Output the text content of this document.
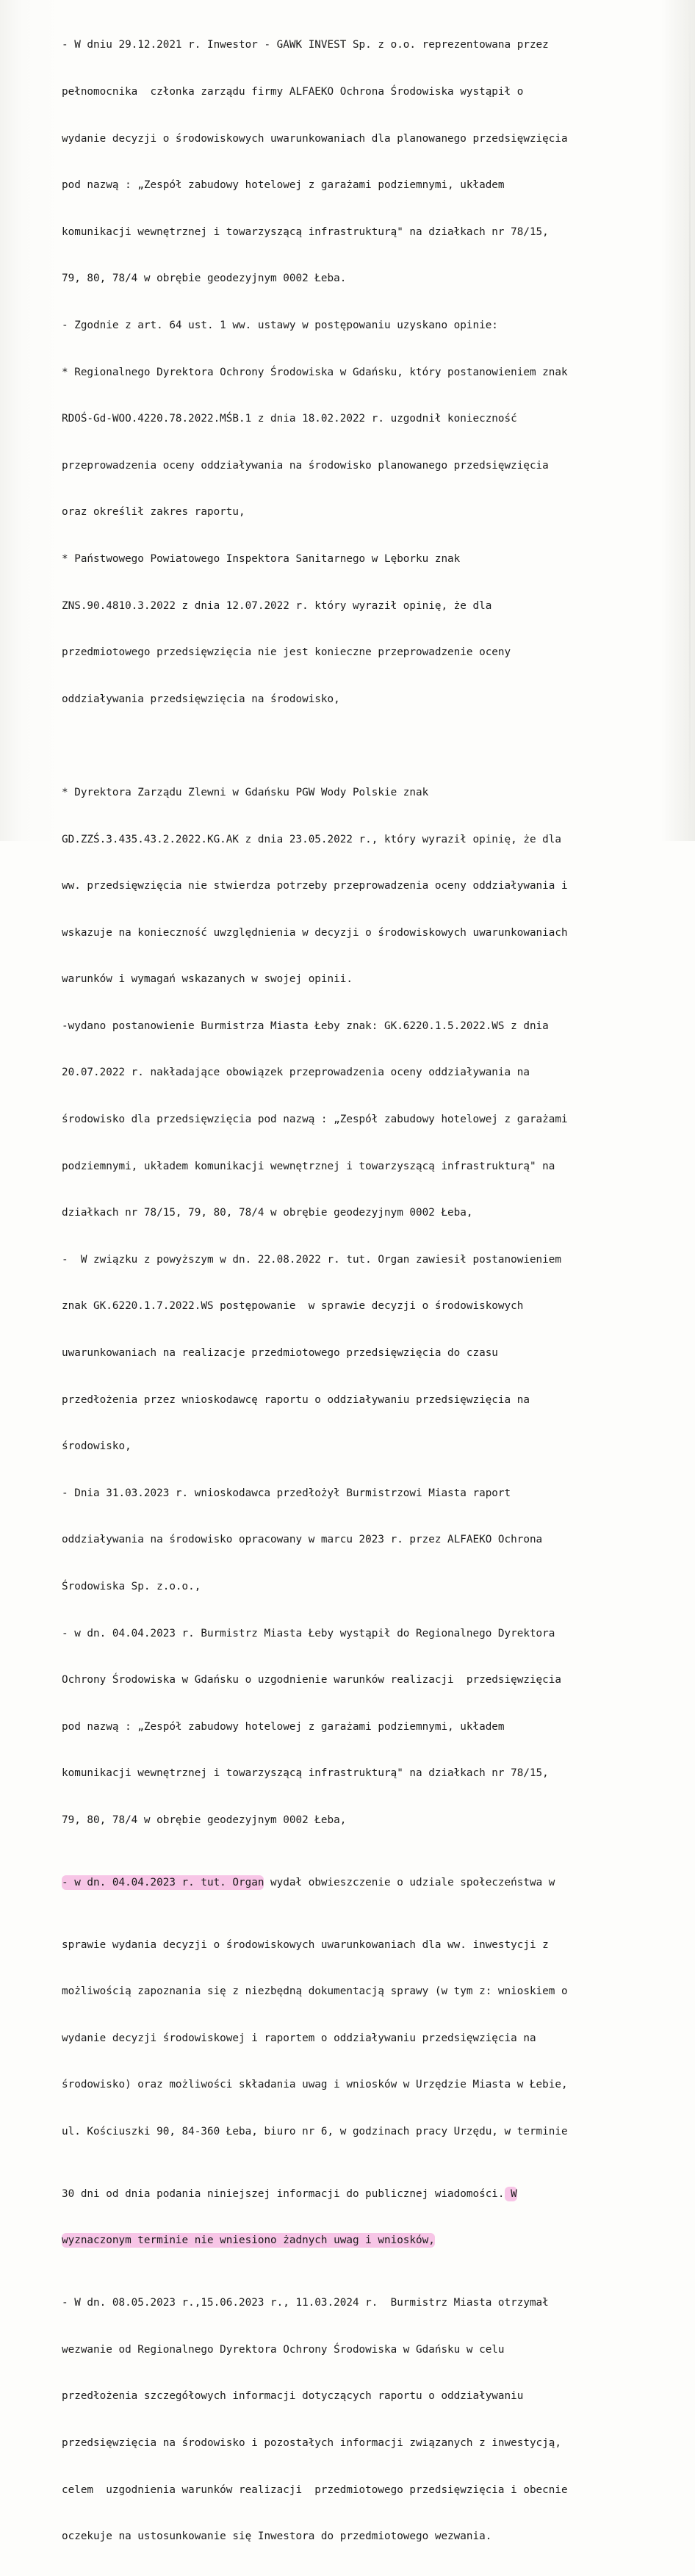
- W dniu 29.12.2021 r. Inwestor - GAWK INVEST Sp. z o.o. reprezentowana przez

pełnomocnika  członka zarządu firmy ALFAEKO Ochrona Środowiska wystąpił o

wydanie decyzji o środowiskowych uwarunkowaniach dla planowanego przedsięwzięcia

pod nazwą : „Zespół zabudowy hotelowej z garażami podziemnymi, układem

komunikacji wewnętrznej i towarzyszącą infrastrukturą" na działkach nr 78/15,

79, 80, 78/4 w obrębie geodezyjnym 0002 Łeba.

- Zgodnie z art. 64 ust. 1 ww. ustawy w postępowaniu uzyskano opinie:

* Regionalnego Dyrektora Ochrony Środowiska w Gdańsku, który postanowieniem znak

RDOŚ-Gd-WOO.4220.78.2022.MŚB.1 z dnia 18.02.2022 r. uzgodnił konieczność

przeprowadzenia oceny oddziaływania na środowisko planowanego przedsięwzięcia

oraz określił zakres raportu,

* Państwowego Powiatowego Inspektora Sanitarnego w Lęborku znak

ZNS.90.4810.3.2022 z dnia 12.07.2022 r. który wyraził opinię, że dla

przedmiotowego przedsięwzięcia nie jest konieczne przeprowadzenie oceny

oddziaływania przedsięwzięcia na środowisko,

* Dyrektora Zarządu Zlewni w Gdańsku PGW Wody Polskie znak

GD.ZZŚ.3.435.43.2.2022.KG.AK z dnia 23.05.2022 r., który wyraził opinię, że dla

ww. przedsięwzięcia nie stwierdza potrzeby przeprowadzenia oceny oddziaływania i

wskazuje na konieczność uwzględnienia w decyzji o środowiskowych uwarunkowaniach

warunków i wymagań wskazanych w swojej opinii.

-wydano postanowienie Burmistrza Miasta Łeby znak: GK.6220.1.5.2022.WS z dnia

20.07.2022 r. nakładające obowiązek przeprowadzenia oceny oddziaływania na

środowisko dla przedsięwzięcia pod nazwą : „Zespół zabudowy hotelowej z garażami

podziemnymi, układem komunikacji wewnętrznej i towarzyszącą infrastrukturą" na

działkach nr 78/15, 79, 80, 78/4 w obrębie geodezyjnym 0002 Łeba,

-  W związku z powyższym w dn. 22.08.2022 r. tut. Organ zawiesił postanowieniem

znak GK.6220.1.7.2022.WS postępowanie  w sprawie decyzji o środowiskowych

uwarunkowaniach na realizacje przedmiotowego przedsięwzięcia do czasu

przedłożenia przez wnioskodawcę raportu o oddziaływaniu przedsięwzięcia na

środowisko,

- Dnia 31.03.2023 r. wnioskodawca przedłożył Burmistrzowi Miasta raport

oddziaływania na środowisko opracowany w marcu 2023 r. przez ALFAEKO Ochrona

Środowiska Sp. z.o.o.,

- w dn. 04.04.2023 r. Burmistrz Miasta Łeby wystąpił do Regionalnego Dyrektora

Ochrony Środowiska w Gdańsku o uzgodnienie warunków realizacji  przedsięwzięcia

pod nazwą : „Zespół zabudowy hotelowej z garażami podziemnymi, układem

komunikacji wewnętrznej i towarzyszącą infrastrukturą" na działkach nr 78/15,

79, 80, 78/4 w obrębie geodezyjnym 0002 Łeba,

- w dn. 04.04.2023 r. tut. Organ wydał obwieszczenie o udziale społeczeństwa w

sprawie wydania decyzji o środowiskowych uwarunkowaniach dla ww. inwestycji z

możliwością zapoznania się z niezbędną dokumentacją sprawy (w tym z: wnioskiem o

wydanie decyzji środowiskowej i raportem o oddziaływaniu przedsięwzięcia na

środowisko) oraz możliwości składania uwag i wniosków w Urzędzie Miasta w Łebie,

ul. Kościuszki 90, 84-360 Łeba, biuro nr 6, w godzinach pracy Urzędu, w terminie

30 dni od dnia podania niniejszej informacji do publicznej wiadomości. W

wyznaczonym terminie nie wniesiono żadnych uwag i wniosków,

- W dn. 08.05.2023 r.,15.06.2023 r., 11.03.2024 r.  Burmistrz Miasta otrzymał

wezwanie od Regionalnego Dyrektora Ochrony Środowiska w Gdańsku w celu

przedłożenia szczegółowych informacji dotyczących raportu o oddziaływaniu

przedsięwzięcia na środowisko i pozostałych informacji związanych z inwestycją,

celem  uzgodnienia warunków realizacji  przedmiotowego przedsięwzięcia i obecnie

oczekuje na ustosunkowanie się Inwestora do przedmiotowego wezwania.
